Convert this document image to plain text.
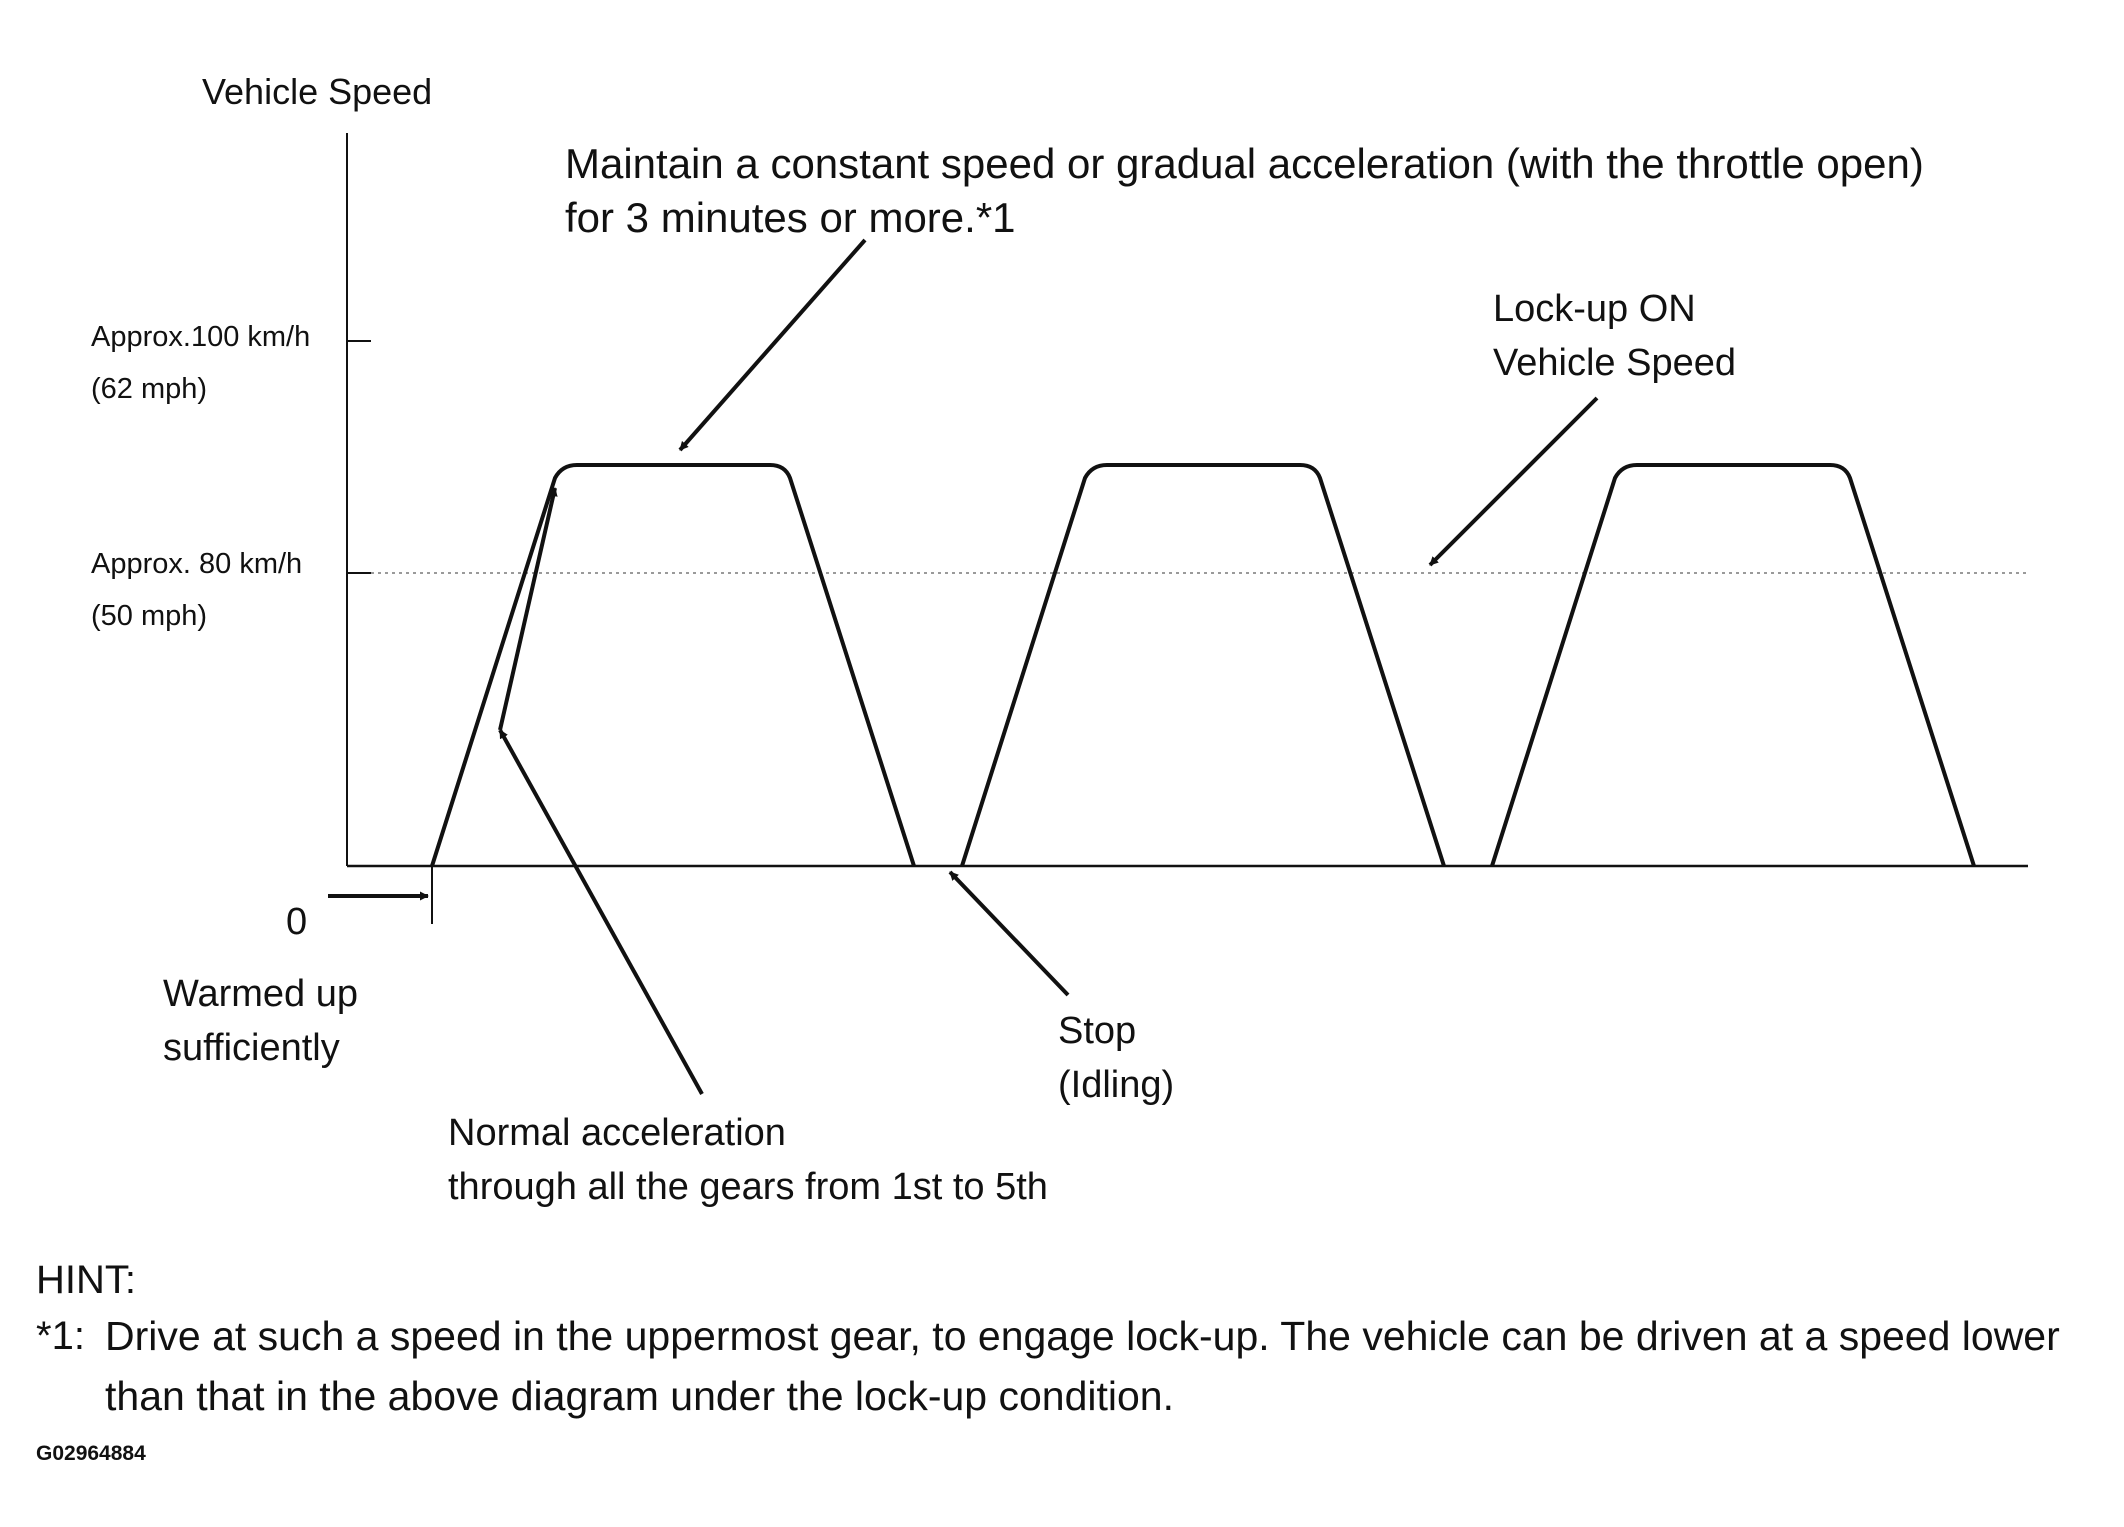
Vehicle Speed
Approx.100 km/h
(62 mph)
Approx. 80 km/h
(50 mph)
0
Maintain a constant speed or gradual acceleration (with the throttle open)
for 3 minutes or more.*1
Lock-up ON
Vehicle Speed
Warmed up
sufficiently	Stop
(Idling)
Normal acceleration
through all the gears from 1st to 5th
HINT:
*1: Drive at such a speed in the uppermost gear, to engage lock-up. The vehicle can be driven at a speed lower than that in the above diagram under the lock-up condition.
G02964884
